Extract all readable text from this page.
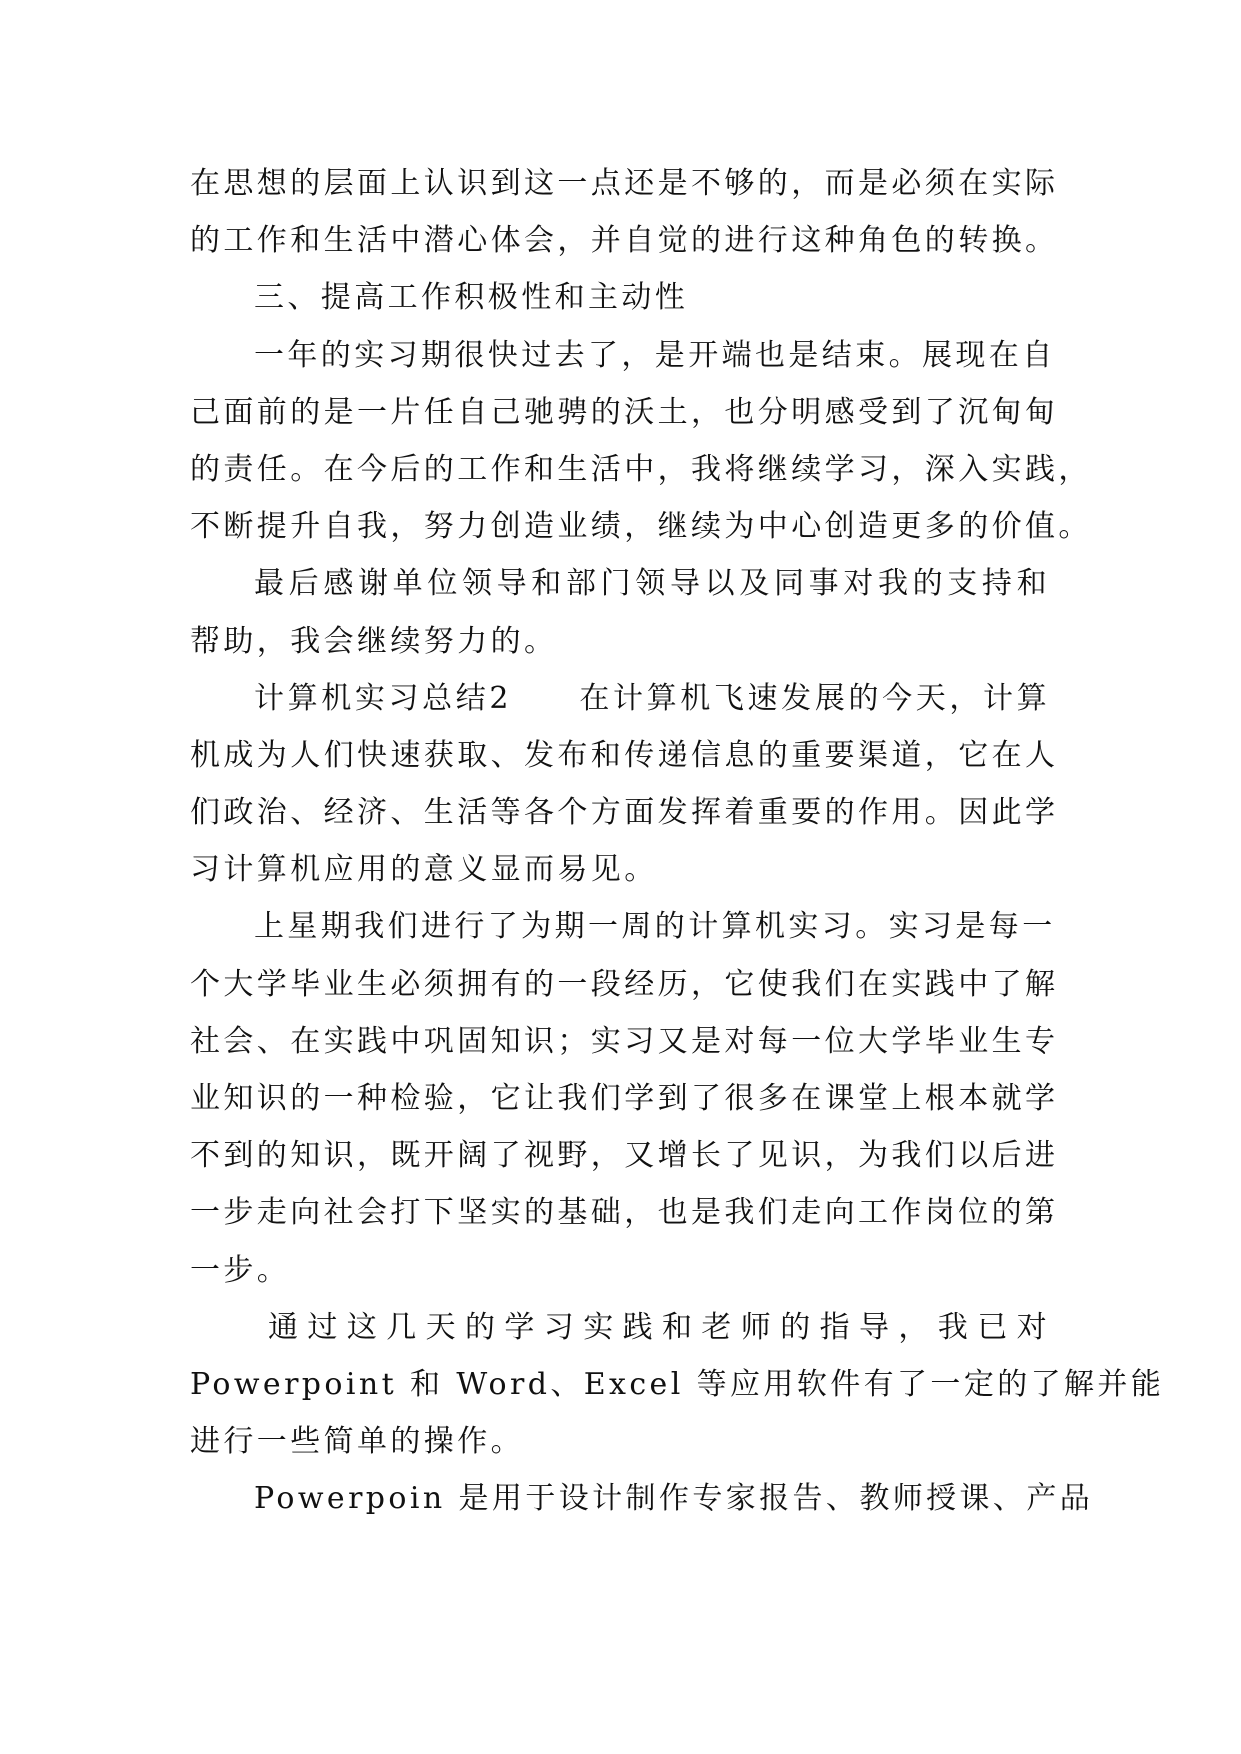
在思想的层面上认识到这一点还是不够的，而是必须在实际
的工作和生活中潜心体会，并自觉的进行这种角色的转换。
三、提高工作积极性和主动性
一年的实习期很快过去了，是开端也是结束。展现在自
己面前的是一片任自己驰骋的沃土，也分明感受到了沉甸甸
的责任。在今后的工作和生活中，我将继续学习，深入实践，
不断提升自我，努力创造业绩，继续为中心创造更多的价值。
最后感谢单位领导和部门领导以及同事对我的支持和
帮助，我会继续努力的。
计算机实习总结2　　在计算机飞速发展的今天，计算
机成为人们快速获取、发布和传递信息的重要渠道，它在人
们政治、经济、生活等各个方面发挥着重要的作用。因此学
习计算机应用的意义显而易见。
上星期我们进行了为期一周的计算机实习。实习是每一
个大学毕业生必须拥有的一段经历，它使我们在实践中了解
社会、在实践中巩固知识；实习又是对每一位大学毕业生专
业知识的一种检验，它让我们学到了很多在课堂上根本就学
不到的知识，既开阔了视野，又增长了见识，为我们以后进
一步走向社会打下坚实的基础，也是我们走向工作岗位的第
一步。
通过这几天的学习实践和老师的指导，我已对
Powerpoint 和 Word、Excel 等应用软件有了一定的了解并能
进行一些简单的操作。
Powerpoin 是用于设计制作专家报告、教师授课、产品
